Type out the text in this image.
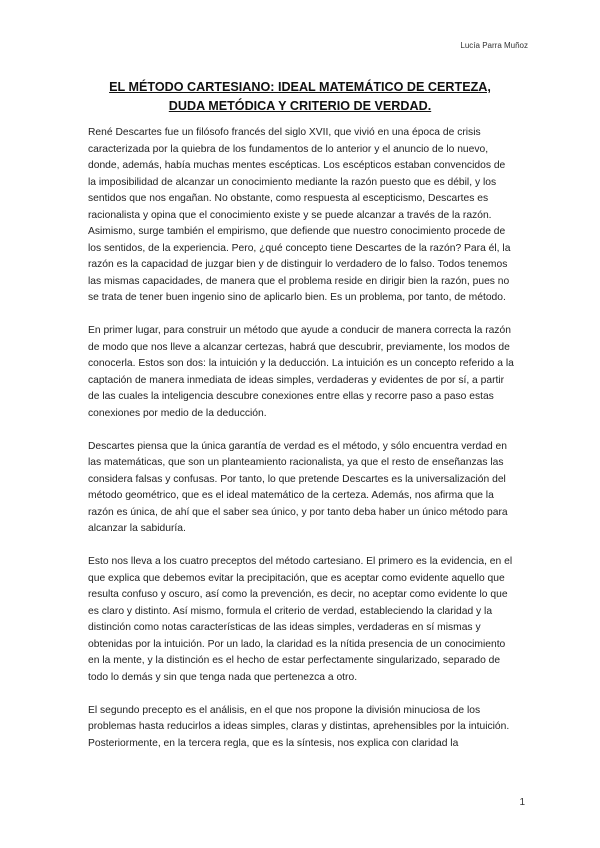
Lucía Parra Muñoz
EL MÉTODO CARTESIANO: IDEAL MATEMÁTICO DE CERTEZA, DUDA METÓDICA Y CRITERIO DE VERDAD.

René Descartes fue un filósofo francés del siglo XVII, que vivió en una época de crisis caracterizada por la quiebra de los fundamentos de lo anterior y el anuncio de lo nuevo, donde, además, había muchas mentes escépticas. Los escépticos estaban convencidos de la imposibilidad de alcanzar un conocimiento mediante la razón puesto que es débil, y los sentidos que nos engañan. No obstante, como respuesta al escepticismo, Descartes es racionalista y opina que el conocimiento existe y se puede alcanzar a través de la razón. Asimismo, surge también el empirismo, que defiende que nuestro conocimiento procede de los sentidos, de la experiencia. Pero, ¿qué concepto tiene Descartes de la razón? Para él, la razón es la capacidad de juzgar bien y de distinguir lo verdadero de lo falso. Todos tenemos las mismas capacidades, de manera que el problema reside en dirigir bien la razón, pues no se trata de tener buen ingenio sino de aplicarlo bien. Es un problema, por tanto, de método.

En primer lugar, para construir un método que ayude a conducir de manera correcta la razón de modo que nos lleve a alcanzar certezas, habrá que descubrir, previamente, los modos de conocerla. Estos son dos: la intuición y la deducción. La intuición es un concepto referido a la captación de manera inmediata de ideas simples, verdaderas y evidentes de por sí, a partir de las cuales la inteligencia descubre conexiones entre ellas y recorre paso a paso estas conexiones por medio de la deducción.

Descartes piensa que la única garantía de verdad es el método, y sólo encuentra verdad en las matemáticas, que son un planteamiento racionalista, ya que el resto de enseñanzas las considera falsas y confusas. Por tanto, lo que pretende Descartes es la universalización del método geométrico, que es el ideal matemático de la certeza. Además, nos afirma que la razón es única, de ahí que el saber sea único, y por tanto deba haber un único método para alcanzar la sabiduría.

Esto nos lleva a los cuatro preceptos del método cartesiano. El primero es la evidencia, en el que explica que debemos evitar la precipitación, que es aceptar como evidente aquello que resulta confuso y oscuro, así como la prevención, es decir, no aceptar como evidente lo que es claro y distinto. Así mismo, formula el criterio de verdad, estableciendo la claridad y la distinción como notas características de las ideas simples, verdaderas en sí mismas y obtenidas por la intuición. Por un lado, la claridad es la nítida presencia de un conocimiento en la mente, y la distinción es el hecho de estar perfectamente singularizado, separado de todo lo demás y sin que tenga nada que pertenezca a otro.

El segundo precepto es el análisis, en el que nos propone la división minuciosa de los problemas hasta reducirlos a ideas simples, claras y distintas, aprehensibles por la intuición. Posteriormente, en la tercera regla, que es la síntesis, nos explica con claridad la

1
